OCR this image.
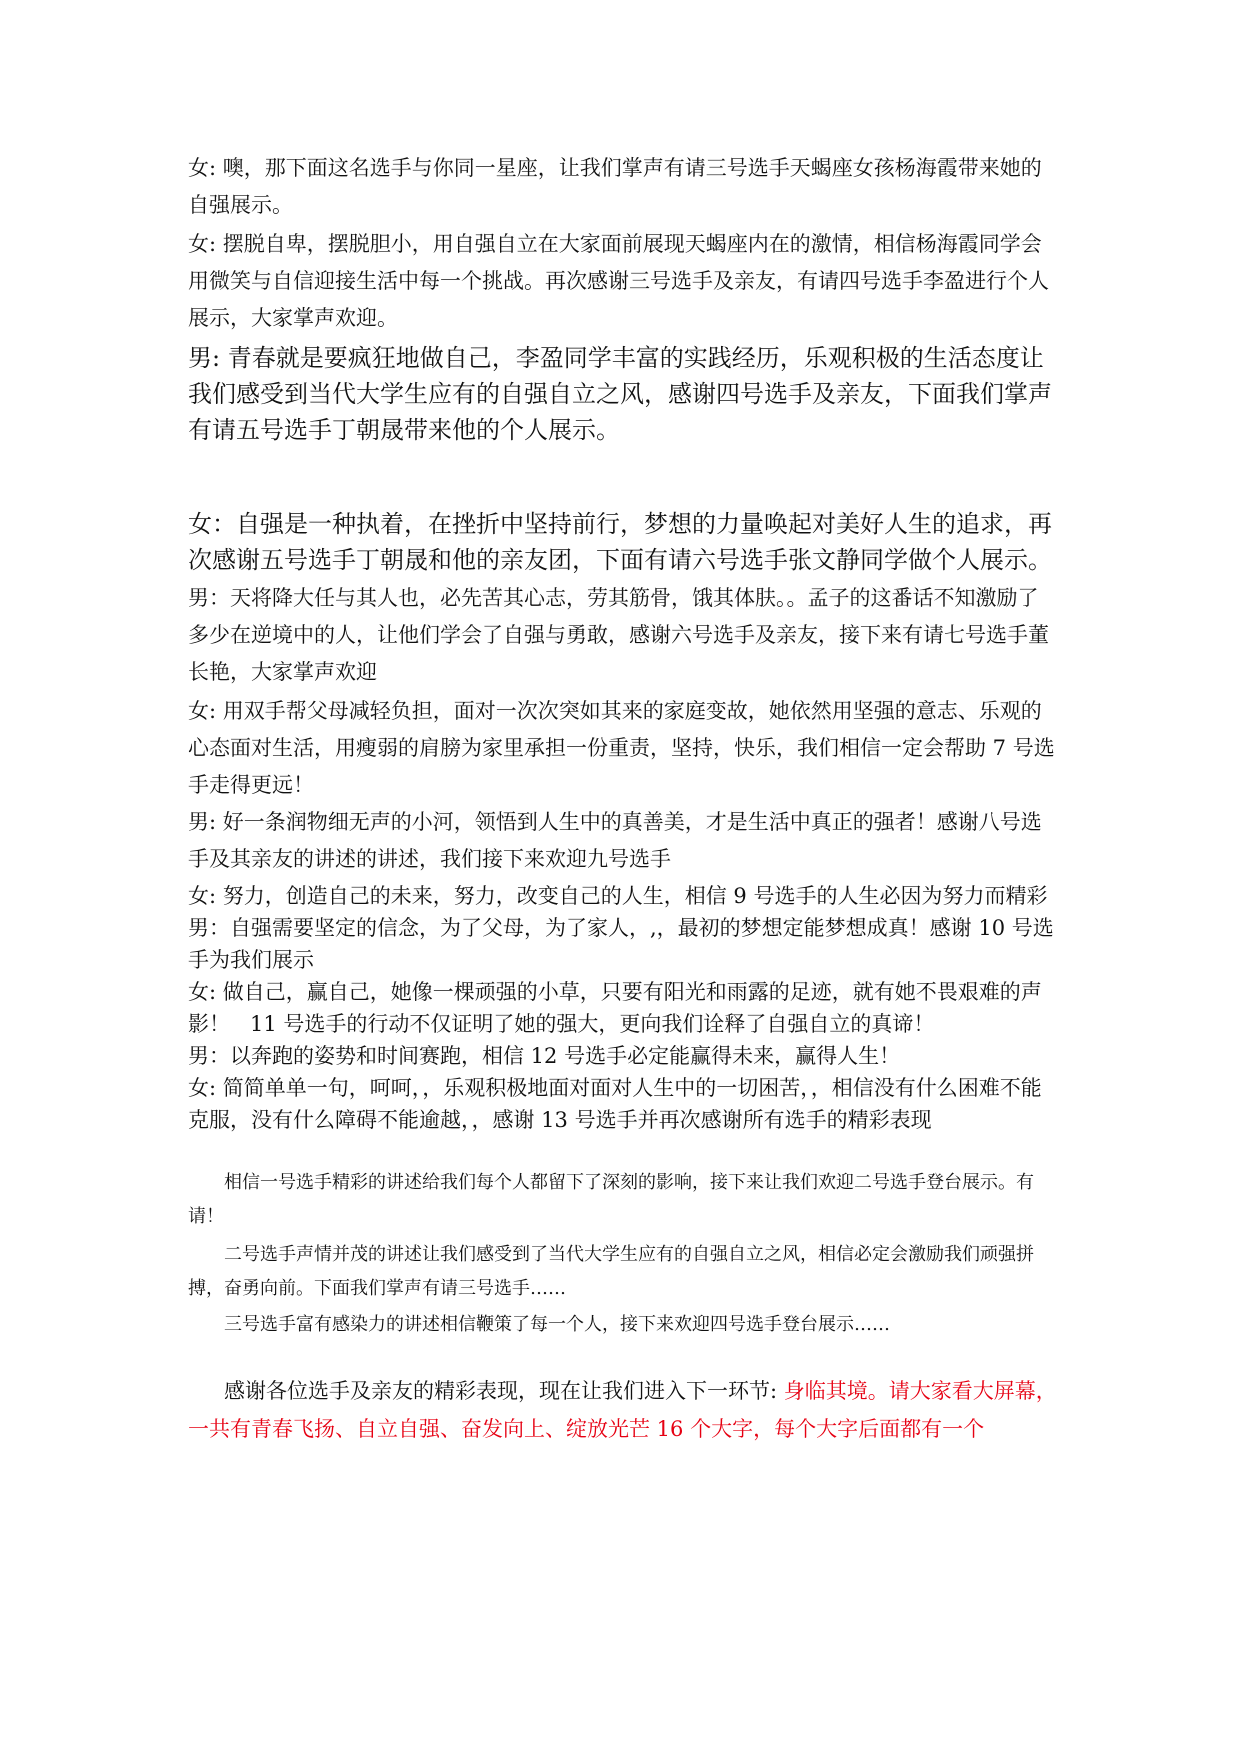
女: 噢，那下面这名选手与你同一星座，让我们掌声有请三号选手天蝎座女孩杨海霞带来她的自强展示。

女: 摆脱自卑，摆脱胆小，用自强自立在大家面前展现天蝎座内在的激情，相信杨海霞同学会用微笑与自信迎接生活中每一个挑战。再次感谢三号选手及亲友，有请四号选手李盈进行个人展示，大家掌声欢迎。

男: 青春就是要疯狂地做自己，李盈同学丰富的实践经历，乐观积极的生活态度让我们感受到当代大学生应有的自强自立之风，感谢四号选手及亲友，下面我们掌声有请五号选手丁朝晟带来他的个人展示。

女：自强是一种执着，在挫折中坚持前行，梦想的力量唤起对美好人生的追求，再次感谢五号选手丁朝晟和他的亲友团，下面有请六号选手张文静同学做个人展示。

男：天将降大任与其人也，必先苦其心志，劳其筋骨，饿其体肤。。孟子的这番话不知激励了多少在逆境中的人，让他们学会了自强与勇敢，感谢六号选手及亲友，接下来有请七号选手董长艳，大家掌声欢迎

女: 用双手帮父母减轻负担，面对一次次突如其来的家庭变故，她依然用坚强的意志、乐观的心态面对生活，用瘦弱的肩膀为家里承担一份重责，坚持，快乐，我们相信一定会帮助 7 号选手走得更远！

男: 好一条润物细无声的小河，领悟到人生中的真善美，才是生活中真正的强者！感谢八号选手及其亲友的讲述的讲述，我们接下来欢迎九号选手

女: 努力，创造自己的未来，努力，改变自己的人生，相信 9 号选手的人生必因为努力而精彩

男：自强需要坚定的信念，为了父母，为了家人，,，最初的梦想定能梦想成真！感谢 10 号选手为我们展示

女: 做自己，赢自己，她像一棵顽强的小草，只要有阳光和雨露的足迹，就有她不畏艰难的声影！   11 号选手的行动不仅证明了她的强大，更向我们诠释了自强自立的真谛！

男：以奔跑的姿势和时间赛跑，相信 12 号选手必定能赢得未来，赢得人生！

女: 简简单单一句，呵呵，，乐观积极地面对面对人生中的一切困苦，，相信没有什么困难不能克服，没有什么障碍不能逾越，，感谢 13 号选手并再次感谢所有选手的精彩表现

相信一号选手精彩的讲述给我们每个人都留下了深刻的影响，接下来让我们欢迎二号选手登台展示。有请！

二号选手声情并茂的讲述让我们感受到了当代大学生应有的自强自立之风，相信必定会激励我们顽强拼搏，奋勇向前。下面我们掌声有请三号选手……

三号选手富有感染力的讲述相信鞭策了每一个人，接下来欢迎四号选手登台展示……

感谢各位选手及亲友的精彩表现，现在让我们进入下一环节: 身临其境。请大家看大屏幕，一共有青春飞扬、自立自强、奋发向上、绽放光芒 16 个大字，每个大字后面都有一个
